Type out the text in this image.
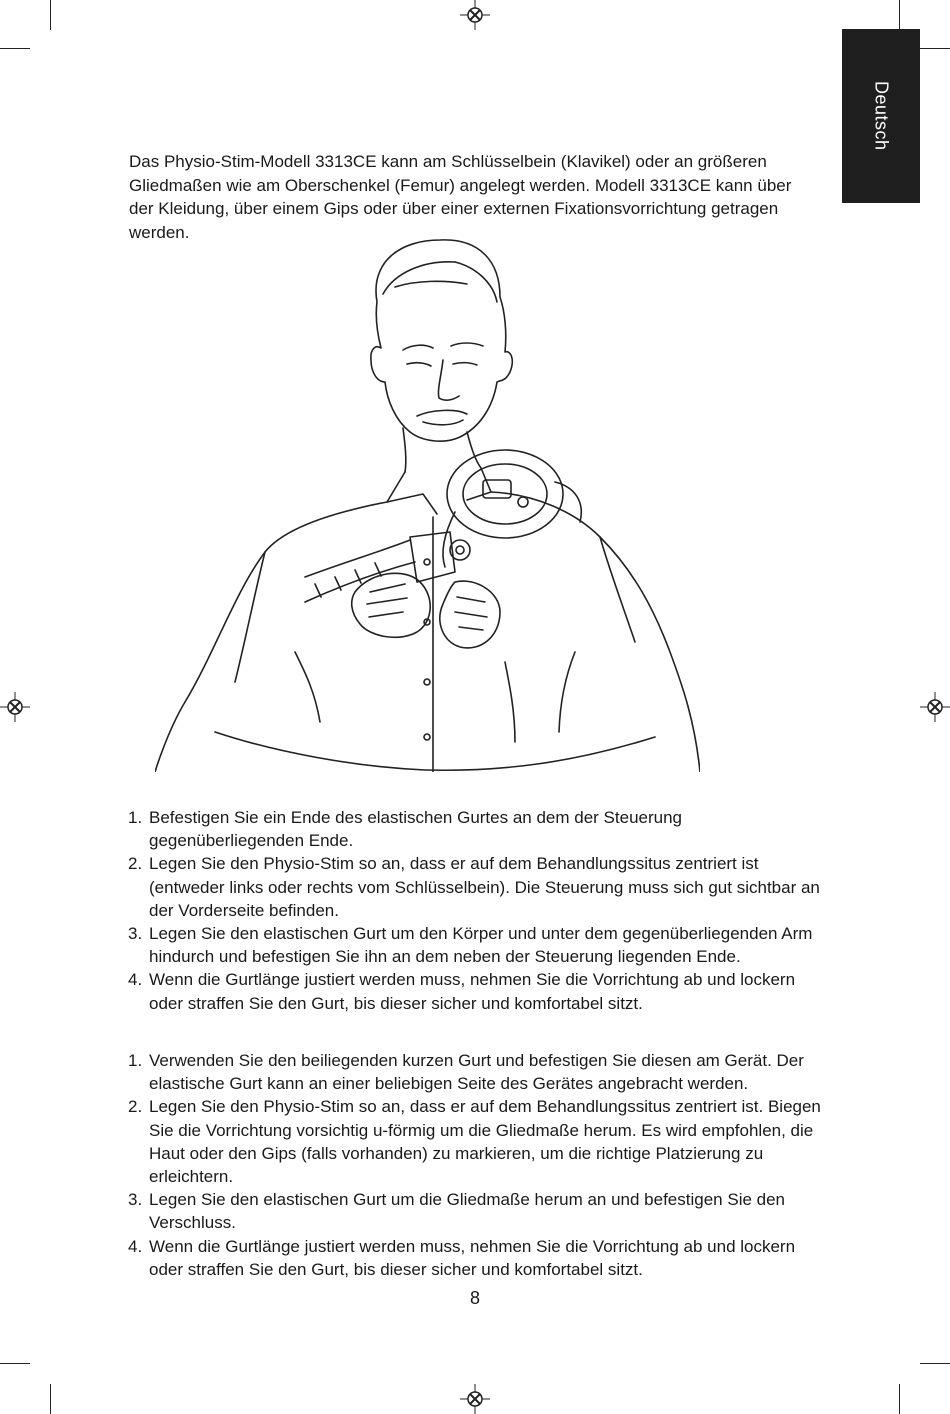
Deutsch

Das Physio-Stim-Modell 3313CE kann am Schlüsselbein (Klavikel) oder an größeren Gliedmaßen wie am Oberschenkel (Femur) angelegt werden. Modell 3313CE kann über der Kleidung, über einem Gips oder über einer externen Fixationsvorrichtung getragen werden.

1. Befestigen Sie ein Ende des elastischen Gurtes an dem der Steuerung gegenüberliegenden Ende.
2. Legen Sie den Physio-Stim so an, dass er auf dem Behandlungssitus zentriert ist (entweder links oder rechts vom Schlüsselbein). Die Steuerung muss sich gut sichtbar an der Vorderseite befinden.
3. Legen Sie den elastischen Gurt um den Körper und unter dem gegenüberliegenden Arm hindurch und befestigen Sie ihn an dem neben der Steuerung liegenden Ende.
4. Wenn die Gurtlänge justiert werden muss, nehmen Sie die Vorrichtung ab und lockern oder straffen Sie den Gurt, bis dieser sicher und komfortabel sitzt.
1. Verwenden Sie den beiliegenden kurzen Gurt und befestigen Sie diesen am Gerät. Der elastische Gurt kann an einer beliebigen Seite des Gerätes angebracht werden.
2. Legen Sie den Physio-Stim so an, dass er auf dem Behandlungssitus zentriert ist. Biegen Sie die Vorrichtung vorsichtig u-förmig um die Gliedmaße herum. Es wird empfohlen, die Haut oder den Gips (falls vorhanden) zu markieren, um die richtige Platzierung zu erleichtern.
3. Legen Sie den elastischen Gurt um die Gliedmaße herum an und befestigen Sie den Verschluss.
4. Wenn die Gurtlänge justiert werden muss, nehmen Sie die Vorrichtung ab und lockern oder straffen Sie den Gurt, bis dieser sicher und komfortabel sitzt.
8
